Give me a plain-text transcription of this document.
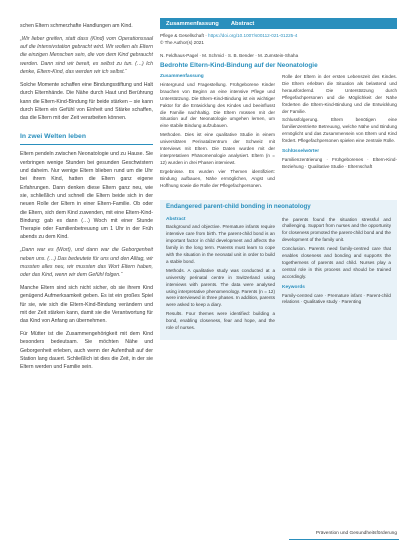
schen Eltern schmerzhafte Handlungen am Kind.

„Wir lieber greifen, statt dass (Kind) vom Operationssaal auf die Intensivstation gebracht wird. Wir wollen als Eltern die einzigen Menschen sein, die von dem Kind gebraucht werden. Dann sind wir bereit, es selbst zu tun. (…) Ich denke, Eltern-Kind, das werden wir ich selbst.“

Solche Momente schaffen eine Bindungsstiftung und Halt durch Elternhände. Die Nähe durch Haut und Berührung kann die Eltern-Kind-Bindung für beide stärken – sie kann durch Eltern ein Gefühl von Einheit und Stärke schaffen, das die Eltern mit der Zeit verarbeiten können.

In zwei Welten leben

Eltern pendeln zwischen Neonatologie und zu Hause. Sie verbringen wenige Stunden bei gesunden Geschwistern und daheim. Nur wenige Eltern blieben rund um die Uhr bei ihrem Kind, hatten die Eltern ganz eigene Erfahrungen. Dann denken diese Eltern ganz neu, wie sie, schließlich und schnell die Eltern beide sich in der neuen Rolle der Eltern in einer Eltern-Familie. Ob oder die Eltern, sich dem Kind zuwenden, mit eine Eltern-Kind-Bindung: gab es dann (…) Woch mit einer Stunde Therapie oder Familienbetreuung um 1 Uhr in der Früh abends zu dem Kind.

„Dann war es (Wort), und dann war die Geborgenheit neben uns. (…) Das bedeutete für uns und den Alltag, wir mussten alles neu, wir mussten das Wort Eltern haben, oder das Kind, wenn wir dem Gefühl folgen.“

Manche Eltern sind sich nicht sicher, ob sie ihrem Kind genügend Aufmerksamkeit geben. Es ist ein großes Spiel für sie, wie sich die Eltern-Kind-Bindung verändern und mit der Zeit stärken kann, damit sie die Verantwortung für das Kind von Anfang an übernehmen.

Für Mütter ist die Zusammengehörigkeit mit dem Kind besonders bedeutsam. Sie möchten Nähe und Geborgenheit erleben, auch wenn der Aufenthalt auf der Station lang dauert. Schließlich ist dies die Zeit, in der sie Eltern werden und Familie sein.

Zusammenfassung Abstract
Pflege & Gesellschaft · https://doi.org/10.1007/s00112-021-01225-4
© The Author(s) 2021
N. Feldhaus-Pagel · M. Schmid · S. B. Bender · M. Zumstein-Shaha
Bedrohte Eltern-Kind-Bindung auf der Neonatologie
Zusammenfassung

Hintergrund und Fragestellung. Frühgeborene Kinder brauchen von Beginn an eine intensive Pflege und Unterstützung. Die Eltern-Kind-Bindung ist ein wichtiger Faktor für die Entwicklung des Kindes und beeinflusst die Familie nachhaltig. Die Eltern müssen mit der Situation auf der Neonatologie umgehen lernen, um eine stabile Bindung aufzubauen.

Methoden. Dies ist eine qualitative Studie in einem universitären Perinatalzentrum der Schweiz mit Interviews mit Eltern. Die Daten wurden mit der interpretativen Phänomenologie analysiert. Eltern (n = 12) wurden in drei Phasen interviewt.

Ergebnisse. Es wurden vier Themen identifiziert: Bindung aufbauen, Nähe ermöglichen, Angst und Hoffnung sowie die Rolle der Pflegefachpersonen.

Rolle der Eltern in der ersten Lebenszeit des Kindes. Die Eltern erlebten die Situation als belastend und herausfordernd. Die Unterstützung durch Pflegefachpersonen und die Möglichkeit der Nähe förderten die Eltern-Kind-Bindung und die Entwicklung der Familie.

Schlussfolgerung. Eltern benötigen eine familienzentrierte Betreuung, welche Nähe und Bindung ermöglicht und das Zusammensein von Eltern und Kind fördert. Pflegefachpersonen spielen eine zentrale Rolle.

Schlüsselwörter

Familienzentrierung · Frühgeborenes · Eltern-Kind-Beziehung · Qualitative Studie · Elternschaft

Endangered parent-child bonding in neonatology
Abstract

Background and objective. Premature infants require intensive care from birth. The parent-child bond is an important factor in child development and affects the family in the long term. Parents must learn to cope with the situation in the neonatal unit in order to build a stable bond.

Methods. A qualitative study was conducted at a university perinatal centre in Switzerland using interviews with parents. The data were analysed using interpretative phenomenology. Parents (n = 12) were interviewed in three phases. In addition, parents were asked to keep a diary.

Results. Four themes were identified: building a bond, enabling closeness, fear and hope, and the role of nurses.

the parents found the situation stressful and challenging. Support from nurses and the opportunity for closeness promoted the parent-child bond and the development of the family unit.

Conclusion. Parents need family-centred care that enables closeness and bonding and supports the togetherness of parents and child. Nurses play a central role in this process and should be trained accordingly.

Keywords

Family-centred care · Premature infant · Parent-child relations · Qualitative study · Parenting

Prävention und Gesundheitsförderung
